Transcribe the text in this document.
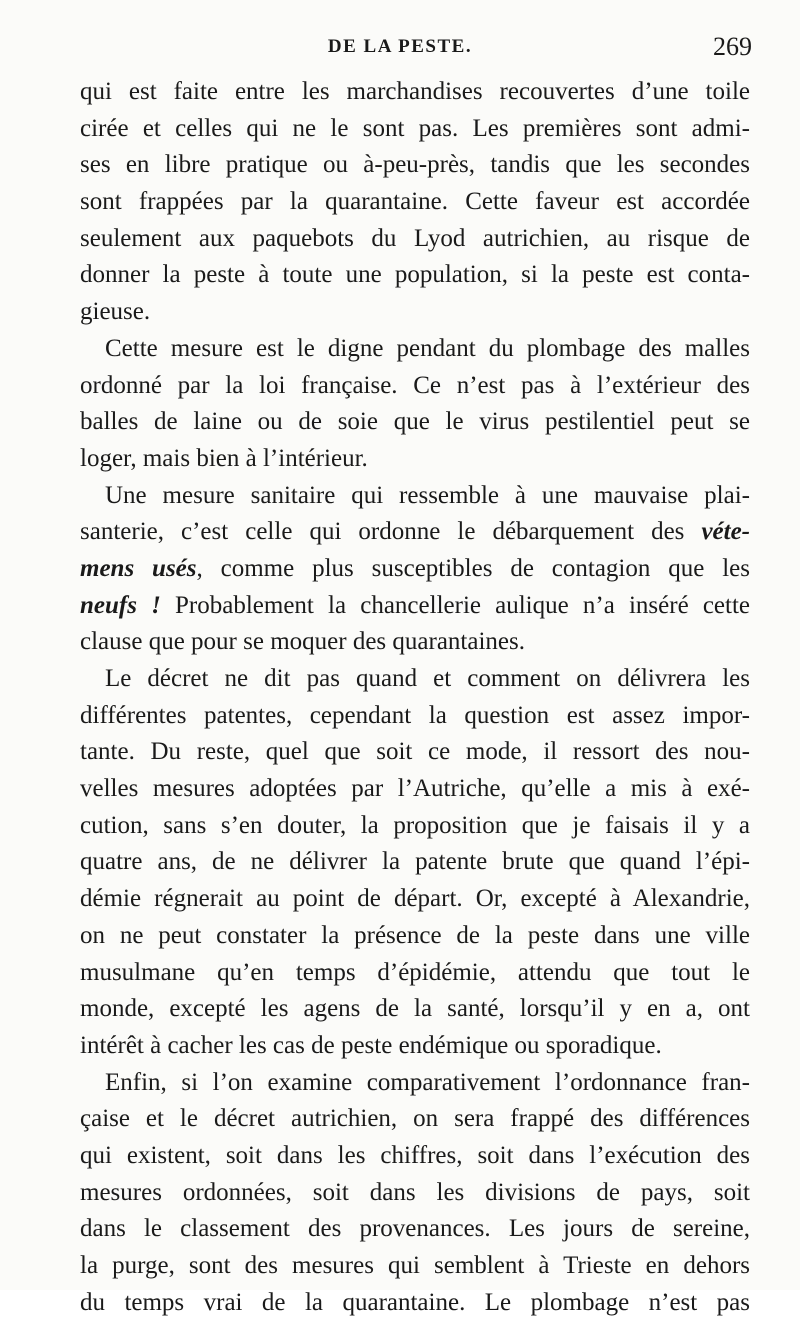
DE LA PESTE.	269
qui est faite entre les marchandises recouvertes d’une toile
cirée et celles qui ne le sont pas. Les premières sont admi-
ses en libre pratique ou à-peu-près, tandis que les secondes
sont frappées par la quarantaine. Cette faveur est accordée
seulement aux paquebots du Lyod autrichien, au risque de
donner la peste à toute une population, si la peste est conta-
gieuse.
Cette mesure est le digne pendant du plombage des malles
ordonné par la loi française. Ce n’est pas à l’extérieur des
balles de laine ou de soie que le virus pestilentiel peut se
loger, mais bien à l’intérieur.
Une mesure sanitaire qui ressemble à une mauvaise plai-
santerie, c’est celle qui ordonne le débarquement des véte-
mens usés, comme plus susceptibles de contagion que les
neufs ! Probablement la chancellerie aulique n’a inséré cette
clause que pour se moquer des quarantaines.
Le décret ne dit pas quand et comment on délivrera les
différentes patentes, cependant la question est assez impor-
tante. Du reste, quel que soit ce mode, il ressort des nou-
velles mesures adoptées par l’Autriche, qu’elle a mis à exé-
cution, sans s’en douter, la proposition que je faisais il y a
quatre ans, de ne délivrer la patente brute que quand l’épi-
démie régnerait au point de départ. Or, excepté à Alexandrie,
on ne peut constater la présence de la peste dans une ville
musulmane qu’en temps d’épidémie, attendu que tout le
monde, excepté les agens de la santé, lorsqu’il y en a, ont
intérêt à cacher les cas de peste endémique ou sporadique.
Enfin, si l’on examine comparativement l’ordonnance fran-
çaise et le décret autrichien, on sera frappé des différences
qui existent, soit dans les chiffres, soit dans l’exécution des
mesures ordonnées, soit dans les divisions de pays, soit
dans le classement des provenances. Les jours de sereine,
la purge, sont des mesures qui semblent à Trieste en dehors
du temps vrai de la quarantaine. Le plombage n’est pas
